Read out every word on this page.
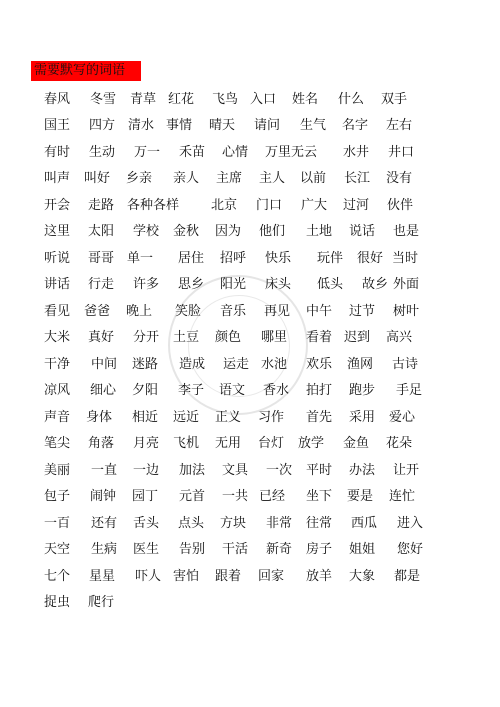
需要默写的词语
春风 冬雪 青草 红花 飞鸟 入口 姓名 什么 双手
国王 四方 清水 事情 晴天 请问 生气 名字 左右
有时 生动 万一 禾苗 心情 万里无云 水井 井口
叫声 叫好 乡亲 亲人 主席 主人 以前 长江 没有
开会 走路 各种各样 北京 门口 广大 过河 伙伴
这里 太阳 学校 金秋 因为 他们 土地 说话 也是
听说 哥哥 单一 居住 招呼 快乐 玩伴 很好 当时
讲话 行走 许多 思乡 阳光 床头 低头 故乡 外面
看见 爸爸 晚上 笑脸 音乐 再见 中午 过节 树叶
大米 真好 分开 土豆 颜色 哪里 看着 迟到 高兴
干净 中间 迷路 造成 运走 水池 欢乐 渔网 古诗
凉风 细心 夕阳 李子 语文 香水 拍打 跑步 手足
声音 身体 相近 远近 正义 习作 首先 采用 爱心
笔尖 角落 月亮 飞机 无用 台灯 放学 金鱼 花朵
美丽 一直 一边 加法 文具 一次 平时 办法 让开
包子 闹钟 园丁 元首 一共 已经 坐下 要是 连忙
一百 还有 舌头 点头 方块 非常 往常 西瓜 进入
天空 生病 医生 告别 干活 新奇 房子 姐姐 您好
七个 星星 吓人 害怕 跟着 回家 放羊 大象 都是
捉虫 爬行
